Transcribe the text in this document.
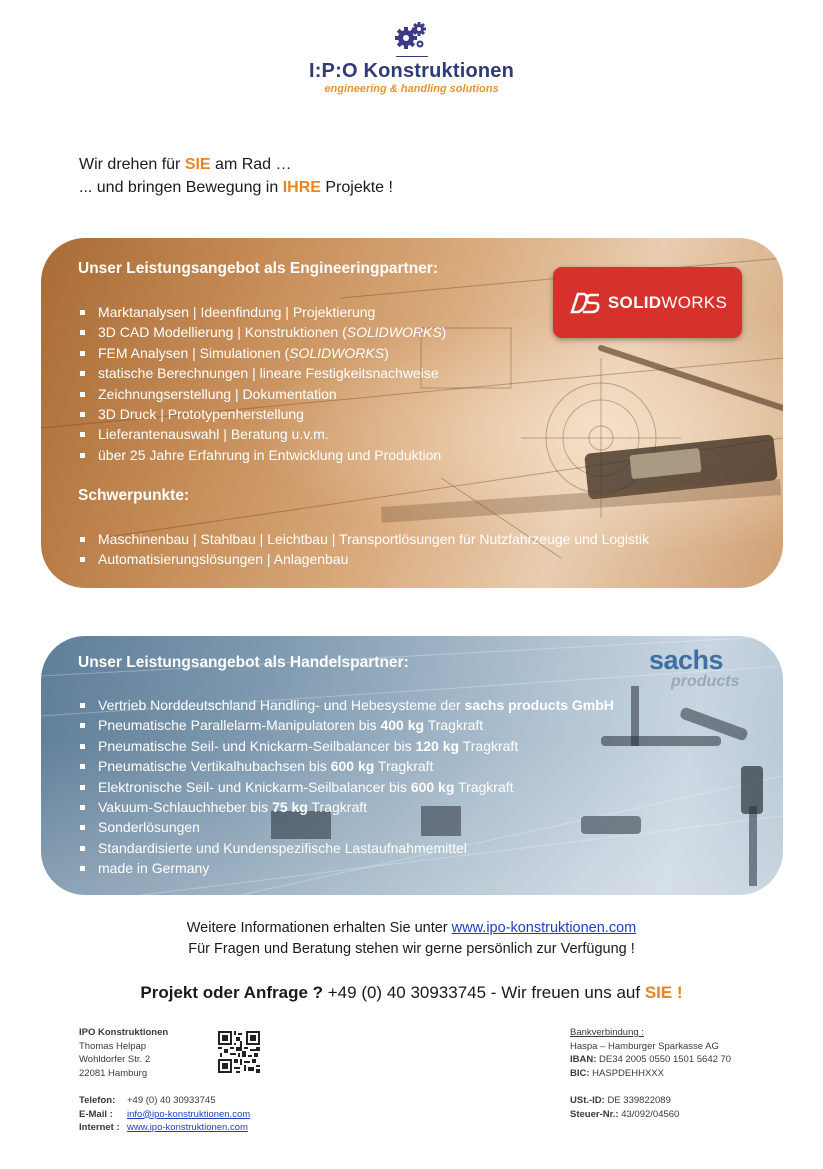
I:P:O Konstruktionen
engineering & handling solutions
Wir drehen für SIE am Rad …
... und bringen Bewegung in IHRE Projekte !
Unser Leistungsangebot als Engineeringpartner:
Marktanalysen | Ideenfindung | Projektierung
3D CAD Modellierung | Konstruktionen (SOLIDWORKS)
FEM Analysen | Simulationen (SOLIDWORKS)
statische Berechnungen | lineare Festigkeitsnachweise
Zeichnungserstellung | Dokumentation
3D Druck | Prototypenherstellung
Lieferantenauswahl | Beratung u.v.m.
über 25 Jahre Erfahrung in Entwicklung und Produktion
Schwerpunkte:
Maschinenbau | Stahlbau | Leichtbau | Transportlösungen für Nutzfahrzeuge und Logistik
Automatisierungslösungen | Anlagenbau
SOLIDWORKS
sachs
products
Unser Leistungsangebot als Handelspartner:
Vertrieb Norddeutschland Handling- und Hebesysteme der sachs products GmbH
Pneumatische Parallelarm-Manipulatoren bis 400 kg Tragkraft
Pneumatische Seil- und Knickarm-Seilbalancer bis 120 kg Tragkraft
Pneumatische Vertikalhubachsen bis 600 kg Tragkraft
Elektronische Seil- und Knickarm-Seilbalancer bis 600 kg Tragkraft
Vakuum-Schlauchheber bis 75 kg Tragkraft
Sonderlösungen
Standardisierte und Kundenspezifische Lastaufnahmemittel
made in Germany
Weitere Informationen erhalten Sie unter www.ipo-konstruktionen.com
Für Fragen und Beratung stehen wir gerne persönlich zur Verfügung !
Projekt oder Anfrage ? +49 (0) 40 30933745 - Wir freuen uns auf SIE !
IPO Konstruktionen
Thomas Helpap
Wohldorfer Str. 2
22081 Hamburg
Telefon: +49 (0) 40 30933745
E-Mail : info@ipo-konstruktionen.com
Internet : www.ipo-konstruktionen.com
Bankverbindung :
Haspa – Hamburger Sparkasse AG
IBAN: DE34 2005 0550 1501 5642 70
BIC: HASPDEHHXXX
USt.-ID: DE 339822089
Steuer-Nr.: 43/092/04560
